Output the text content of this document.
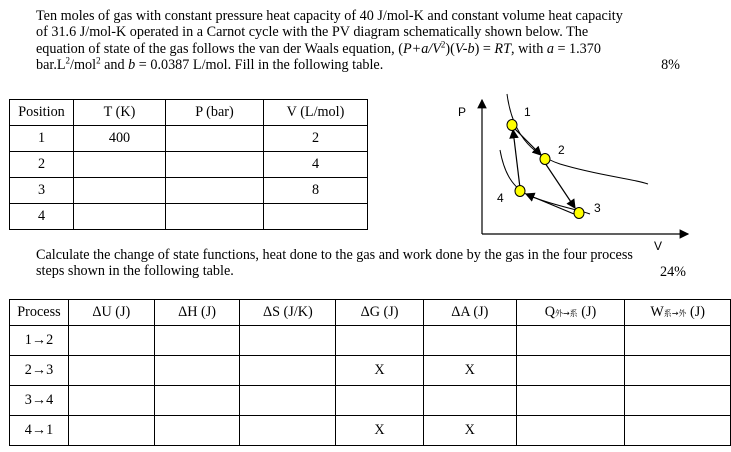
Ten moles of gas with constant pressure heat capacity of 40 J/mol-K and constant volume heat capacity
of 31.6 J/mol-K operated in a Carnot cycle with the PV diagram schematically shown below. The
equation of state of the gas follows the van der Waals equation, $(P+a/V^2)(V-b)$ = RT, with a = 1.370
$bar.L^2/mol^2$ and b = 0.0387 L/mol. Fill in the following table.	8%
Position	T (K)	P (bar)	V (L/mol)
1	400		2
2			4
3			8
4			
P
V
1
2
3
4
Calculate the change of state functions, heat done to the gas and work done by the gas in the four process
steps shown in the following table.	24%
Process	ΔU (J)	ΔH (J)	ΔS (J/K)	ΔG (J)	ΔA (J)	Q外→系 (J)	W系→外 (J)
1→2							
2→3				X	X		
3→4							
4→1				X	X		
